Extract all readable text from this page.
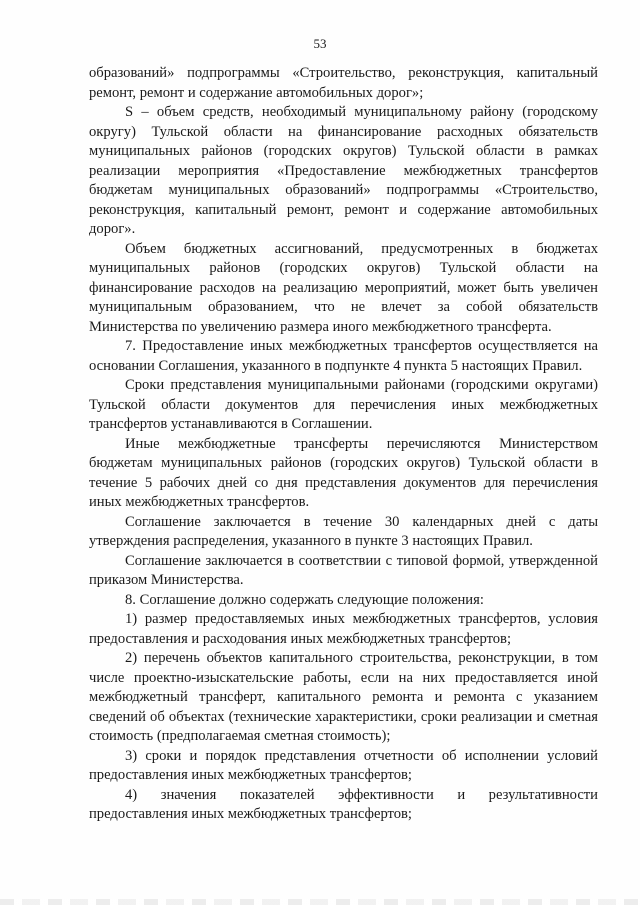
53

образований» подпрограммы «Строительство, реконструкция, капитальный ремонт, ремонт и содержание автомобильных дорог»;

S – объем средств, необходимый муниципальному району (городскому округу) Тульской области на финансирование расходных обязательств муниципальных районов (городских округов) Тульской области в рамках реализации мероприятия «Предоставление межбюджетных трансфертов бюджетам муниципальных образований» подпрограммы «Строительство, реконструкция, капитальный ремонт, ремонт и содержание автомобильных дорог».

Объем бюджетных ассигнований, предусмотренных в бюджетах муниципальных районов (городских округов) Тульской области на финансирование расходов на реализацию мероприятий, может быть увеличен муниципальным образованием, что не влечет за собой обязательств Министерства по увеличению размера иного межбюджетного трансферта.

7. Предоставление иных межбюджетных трансфертов осуществляется на основании Соглашения, указанного в подпункте 4 пункта 5 настоящих Правил.

Сроки представления муниципальными районами (городскими округами) Тульской области документов для перечисления иных межбюджетных трансфертов устанавливаются в Соглашении.

Иные межбюджетные трансферты перечисляются Министерством бюджетам муниципальных районов (городских округов) Тульской области в течение 5 рабочих дней со дня представления документов для перечисления иных межбюджетных трансфертов.

Соглашение заключается в течение 30 календарных дней с даты утверждения распределения, указанного в пункте 3 настоящих Правил.

Соглашение заключается в соответствии с типовой формой, утвержденной приказом Министерства.

8. Соглашение должно содержать следующие положения:

1) размер предоставляемых иных межбюджетных трансфертов, условия предоставления и расходования иных межбюджетных трансфертов;

2) перечень объектов капитального строительства, реконструкции, в том числе проектно-изыскательские работы, если на них предоставляется иной межбюджетный трансферт, капитального ремонта и ремонта с указанием сведений об объектах (технические характеристики, сроки реализации и сметная стоимость (предполагаемая сметная стоимость);

3) сроки и порядок представления отчетности об исполнении условий предоставления иных межбюджетных трансфертов;

4) значения показателей эффективности и результативности предоставления иных межбюджетных трансфертов;
